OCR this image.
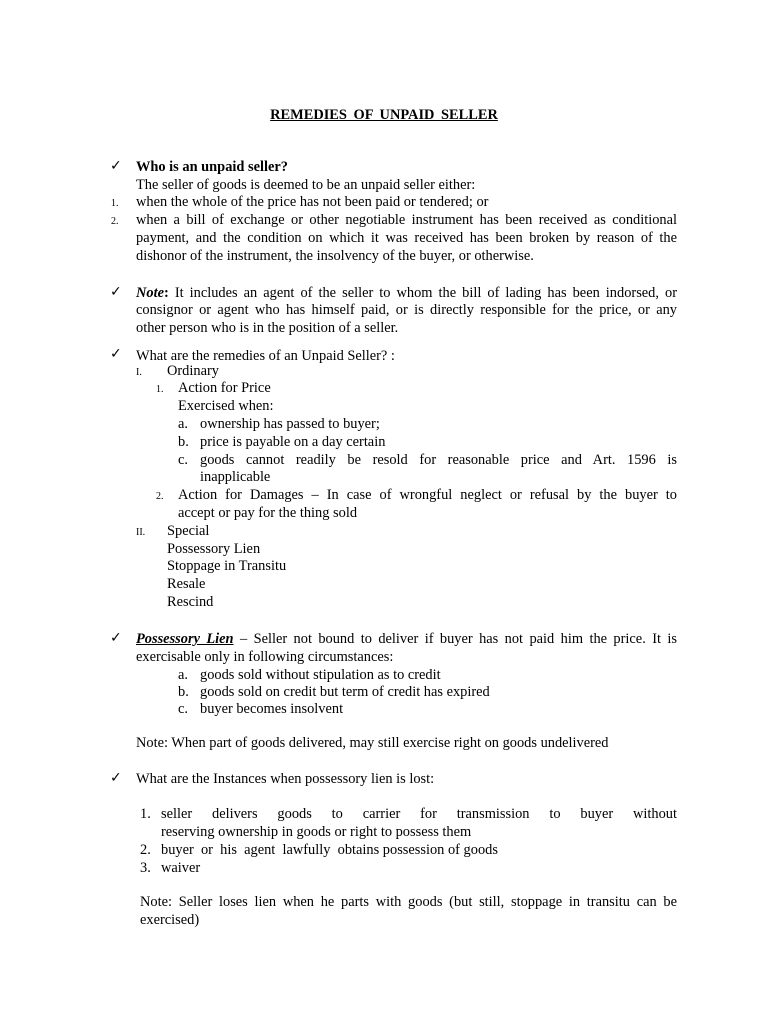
REMEDIES OF UNPAID SELLER
✓ Who is an unpaid seller?
The seller of goods is deemed to be an unpaid seller either:
1. when the whole of the price has not been paid or tendered; or
2. when a bill of exchange or other negotiable instrument has been received as conditional
payment, and the condition on which it was received has been broken by reason of the
dishonor of the instrument, the insolvency of the buyer, or otherwise.
✓ Note: It includes an agent of the seller to whom the bill of lading has been indorsed, or
consignor or agent who has himself paid, or is directly responsible for the price, or any
other person who is in the position of a seller.
✓ What are the remedies of an Unpaid Seller? :
I. Ordinary
1. Action for Price
Exercised when:
a. ownership has passed to buyer;
b. price is payable on a day certain
c. goods cannot readily be resold for reasonable price and Art. 1596 is
inapplicable
2. Action for Damages – In case of wrongful neglect or refusal by the buyer to
accept or pay for the thing sold
II. Special
Possessory Lien
Stoppage in Transitu
Resale
Rescind
✓ Possessory Lien – Seller not bound to deliver if buyer has not paid him the price. It is
exercisable only in following circumstances:
a. goods sold without stipulation as to credit
b. goods sold on credit but term of credit has expired
c. buyer becomes insolvent
Note: When part of goods delivered, may still exercise right on goods undelivered
✓ What are the Instances when possessory lien is lost:
1. seller delivers goods to carrier for transmission to buyer without
reserving ownership in goods or right to possess them
2. buyer  or  his  agent  lawfully  obtains possession of goods
3. waiver
Note: Seller loses lien when he parts with goods (but still, stoppage in transitu can be
exercised)
